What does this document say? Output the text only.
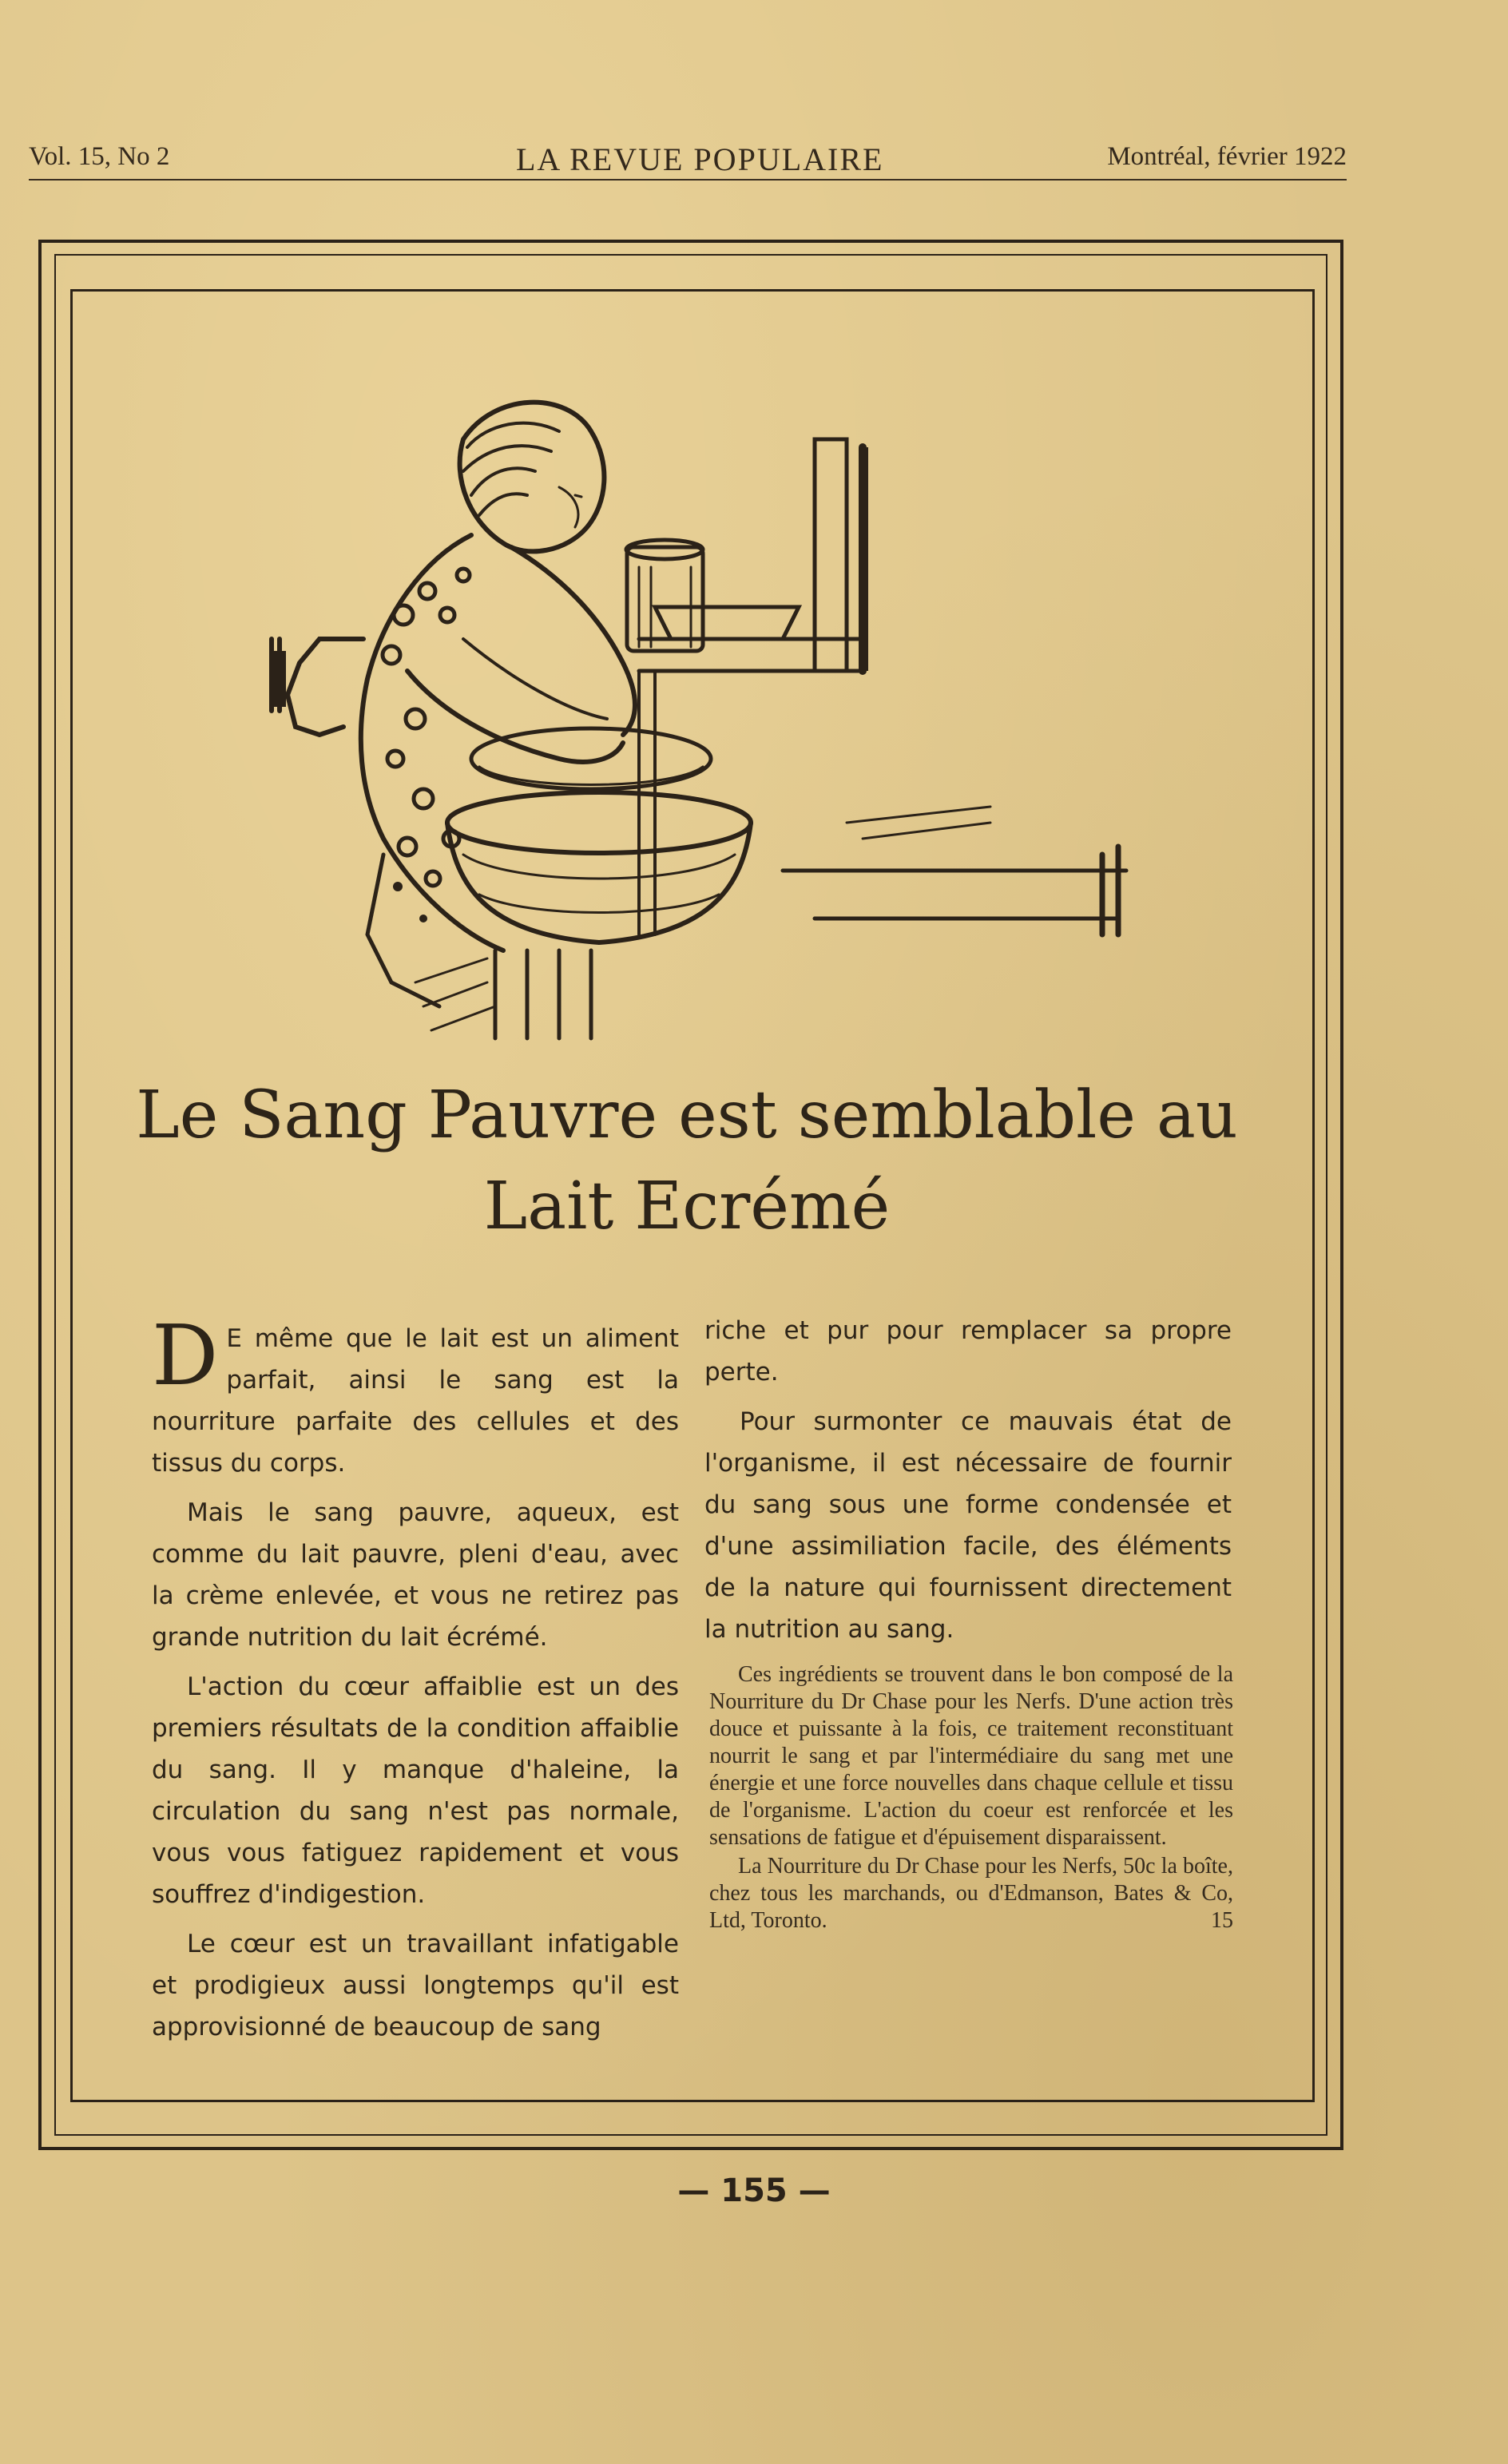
Vol. 15, No 2	LA REVUE POPULAIRE	Montréal, février 1922
Le Sang Pauvre est semblable au
Lait Ecrémé

D E même que le lait est un aliment parfait, ainsi le sang est la nourriture parfaite des cellules et des tissus du corps.

Mais le sang pauvre, aqueux, est comme du lait pauvre, pleni d'eau, avec la crème enlevée, et vous ne retirez pas grande nutrition du lait écrémé.

L'action du cœur affaiblie est un des premiers résultats de la condition affaiblie du sang. Il y manque d'haleine, la circulation du sang n'est pas normale, vous vous fatiguez rapidement et vous souffrez d'indigestion.

Le cœur est un travaillant infatigable et prodigieux aussi longtemps qu'il est approvisionné de beaucoup de sang

riche et pur pour remplacer sa propre perte.

Pour surmonter ce mauvais état de l'organisme, il est nécessaire de fournir du sang sous une forme condensée et d'une assimiliation facile, des éléments de la nature qui fournissent directement la nutrition au sang.

Ces ingrédients se trouvent dans le bon composé de la Nourriture du Dr Chase pour les Nerfs. D'une action très douce et puissante à la fois, ce traitement reconstituant nourrit le sang et par l'intermédiaire du sang met une énergie et une force nouvelles dans chaque cellule et tissu de l'organisme. L'action du coeur est renforcée et les sensations de fatigue et d'épuisement disparaissent.

La Nourriture du Dr Chase pour les Nerfs, 50c la boîte, chez tous les marchands, ou d'Edmanson, Bates & Co, Ltd, Toronto.	15

— 155 —
